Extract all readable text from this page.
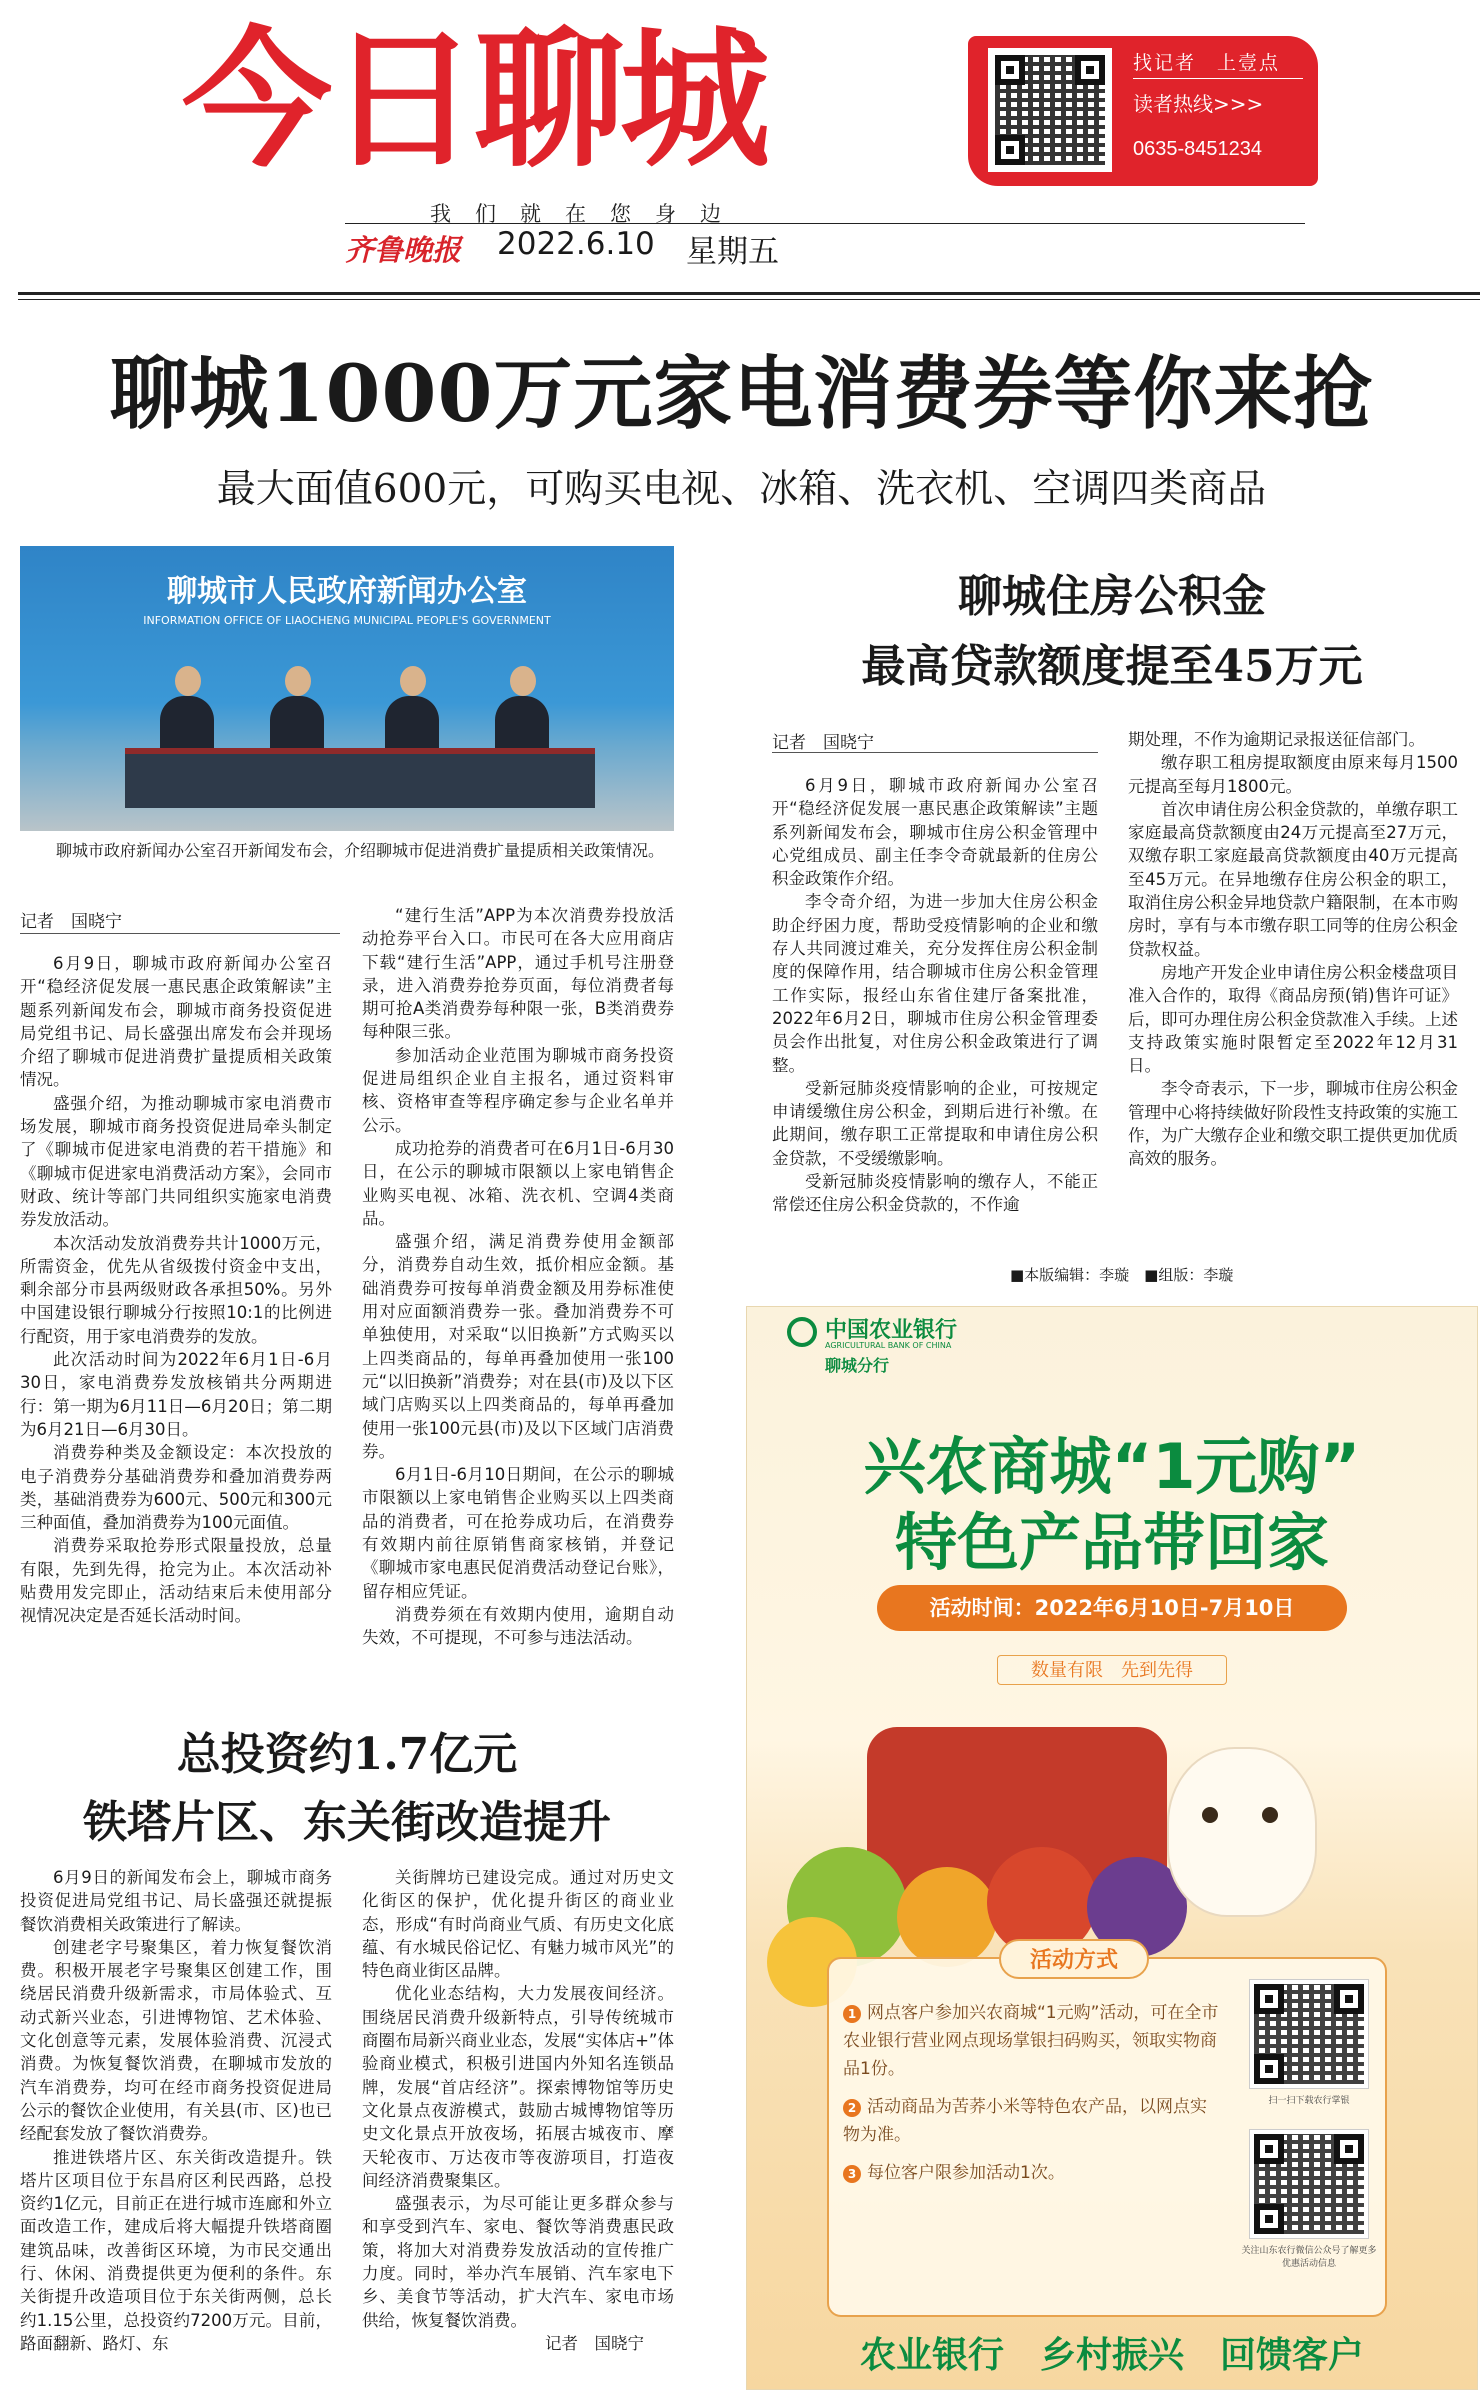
今日聊城
我们就在您身边
齐鲁晚报 2022.6.10 星期五
找记者　上壹点
读者热线>>>
0635-8451234
聊城1000万元家电消费券等你来抢
最大面值600元，可购买电视、冰箱、洗衣机、空调四类商品
聊城市人民政府新闻办公室
INFORMATION OFFICE OF LIAOCHENG MUNICIPAL PEOPLE'S GOVERNMENT
聊城市政府新闻办公室召开新闻发布会，介绍聊城市促进消费扩量提质相关政策情况。
记者　国晓宁

6月9日，聊城市政府新闻办公室召开“稳经济促发展一惠民惠企政策解读”主题系列新闻发布会，聊城市商务投资促进局党组书记、局长盛强出席发布会并现场介绍了聊城市促进消费扩量提质相关政策情况。

盛强介绍，为推动聊城市家电消费市场发展，聊城市商务投资促进局牵头制定了《聊城市促进家电消费的若干措施》和《聊城市促进家电消费活动方案》，会同市财政、统计等部门共同组织实施家电消费券发放活动。

本次活动发放消费券共计1000万元，所需资金，优先从省级拨付资金中支出，剩余部分市县两级财政各承担50%。另外中国建设银行聊城分行按照10:1的比例进行配资，用于家电消费券的发放。

此次活动时间为2022年6月1日-6月30日，家电消费券发放核销共分两期进行：第一期为6月11日—6月20日；第二期为6月21日—6月30日。

消费券种类及金额设定：本次投放的电子消费券分基础消费券和叠加消费券两类，基础消费券为600元、500元和300元三种面值，叠加消费券为100元面值。

消费券采取抢券形式限量投放，总量有限，先到先得，抢完为止。本次活动补贴费用发完即止，活动结束后未使用部分视情况决定是否延长活动时间。

“建行生活”APP为本次消费券投放活动抢券平台入口。市民可在各大应用商店下载“建行生活”APP，通过手机号注册登录，进入消费券抢券页面，每位消费者每期可抢A类消费券每种限一张，B类消费券每种限三张。

参加活动企业范围为聊城市商务投资促进局组织企业自主报名，通过资料审核、资格审查等程序确定参与企业名单并公示。

成功抢券的消费者可在6月1日-6月30日，在公示的聊城市限额以上家电销售企业购买电视、冰箱、洗衣机、空调4类商品。

盛强介绍，满足消费券使用金额部分，消费券自动生效，抵价相应金额。基础消费券可按每单消费金额及用券标准使用对应面额消费券一张。叠加消费券不可单独使用，对采取“以旧换新”方式购买以上四类商品的，每单再叠加使用一张100元“以旧换新”消费券；对在县(市)及以下区域门店购买以上四类商品的，每单再叠加使用一张100元县(市)及以下区域门店消费券。

6月1日-6月10日期间，在公示的聊城市限额以上家电销售企业购买以上四类商品的消费者，可在抢券成功后，在消费券有效期内前往原销售商家核销，并登记《聊城市家电惠民促消费活动登记台账》，留存相应凭证。

消费券须在有效期内使用，逾期自动失效，不可提现，不可参与违法活动。

聊城住房公积金
最高贷款额度提至45万元
记者　国晓宁

6月9日，聊城市政府新闻办公室召开“稳经济促发展一惠民惠企政策解读”主题系列新闻发布会，聊城市住房公积金管理中心党组成员、副主任李令奇就最新的住房公积金政策作介绍。

李令奇介绍，为进一步加大住房公积金助企纾困力度，帮助受疫情影响的企业和缴存人共同渡过难关，充分发挥住房公积金制度的保障作用，结合聊城市住房公积金管理工作实际，报经山东省住建厅备案批准，2022年6月2日，聊城市住房公积金管理委员会作出批复，对住房公积金政策进行了调整。

受新冠肺炎疫情影响的企业，可按规定申请缓缴住房公积金，到期后进行补缴。在此期间，缴存职工正常提取和申请住房公积金贷款，不受缓缴影响。

受新冠肺炎疫情影响的缴存人，不能正常偿还住房公积金贷款的，不作逾

期处理，不作为逾期记录报送征信部门。

缴存职工租房提取额度由原来每月1500元提高至每月1800元。

首次申请住房公积金贷款的，单缴存职工家庭最高贷款额度由24万元提高至27万元，双缴存职工家庭最高贷款额度由40万元提高至45万元。在异地缴存住房公积金的职工，取消住房公积金异地贷款户籍限制，在本市购房时，享有与本市缴存职工同等的住房公积金贷款权益。

房地产开发企业申请住房公积金楼盘项目准入合作的，取得《商品房预(销)售许可证》后，即可办理住房公积金贷款准入手续。上述支持政策实施时限暂定至2022年12月31日。

李令奇表示，下一步，聊城市住房公积金管理中心将持续做好阶段性支持政策的实施工作，为广大缴存企业和缴交职工提供更加优质高效的服务。

■本版编辑：李璇　■组版：李璇
总投资约1.7亿元
铁塔片区、东关街改造提升

6月9日的新闻发布会上，聊城市商务投资促进局党组书记、局长盛强还就提振餐饮消费相关政策进行了解读。

创建老字号聚集区，着力恢复餐饮消费。积极开展老字号聚集区创建工作，围绕居民消费升级新需求，市局体验式、互动式新兴业态，引进博物馆、艺术体验、文化创意等元素，发展体验消费、沉浸式消费。为恢复餐饮消费，在聊城市发放的汽车消费券，均可在经市商务投资促进局公示的餐饮企业使用，有关县(市、区)也已经配套发放了餐饮消费券。

推进铁塔片区、东关街改造提升。铁塔片区项目位于东昌府区利民西路，总投资约1亿元，目前正在进行城市连廊和外立面改造工作，建成后将大幅提升铁塔商圈建筑品味，改善街区环境，为市民交通出行、休闲、消费提供更为便利的条件。东关街提升改造项目位于东关街两侧，总长约1.15公里，总投资约7200万元。目前，路面翻新、路灯、东

关街牌坊已建设完成。通过对历史文化街区的保护，优化提升街区的商业业态，形成“有时尚商业气质、有历史文化底蕴、有水城民俗记忆、有魅力城市风光”的特色商业街区品牌。

优化业态结构，大力发展夜间经济。围绕居民消费升级新特点，引导传统城市商圈布局新兴商业业态，发展“实体店+”体验商业模式，积极引进国内外知名连锁品牌，发展“首店经济”。探索博物馆等历史文化景点夜游模式，鼓励古城博物馆等历史文化景点开放夜场，拓展古城夜市、摩天轮夜市、万达夜市等夜游项目，打造夜间经济消费聚集区。

盛强表示，为尽可能让更多群众参与和享受到汽车、家电、餐饮等消费惠民政策，将加大对消费券发放活动的宣传推广力度。同时，举办汽车展销、汽车家电下乡、美食节等活动，扩大汽车、家电市场供给，恢复餐饮消费。

记者　国晓宁
中国农业银行
AGRICULTURAL BANK OF CHINA
聊城分行
兴农商城“1元购”
特色产品带回家
活动时间：2022年6月10日-7月10日
数量有限　先到先得
活动方式
1 网点客户参加兴农商城“1元购”活动，可在全市农业银行营业网点现场掌银扫码购买，领取实物商品1份。
2 活动商品为苦荞小米等特色农产品，以网点实物为准。
3 每位客户限参加活动1次。
扫一扫下载农行掌银
关注山东农行微信公众号了解更多优惠活动信息
农业银行　乡村振兴　回馈客户
